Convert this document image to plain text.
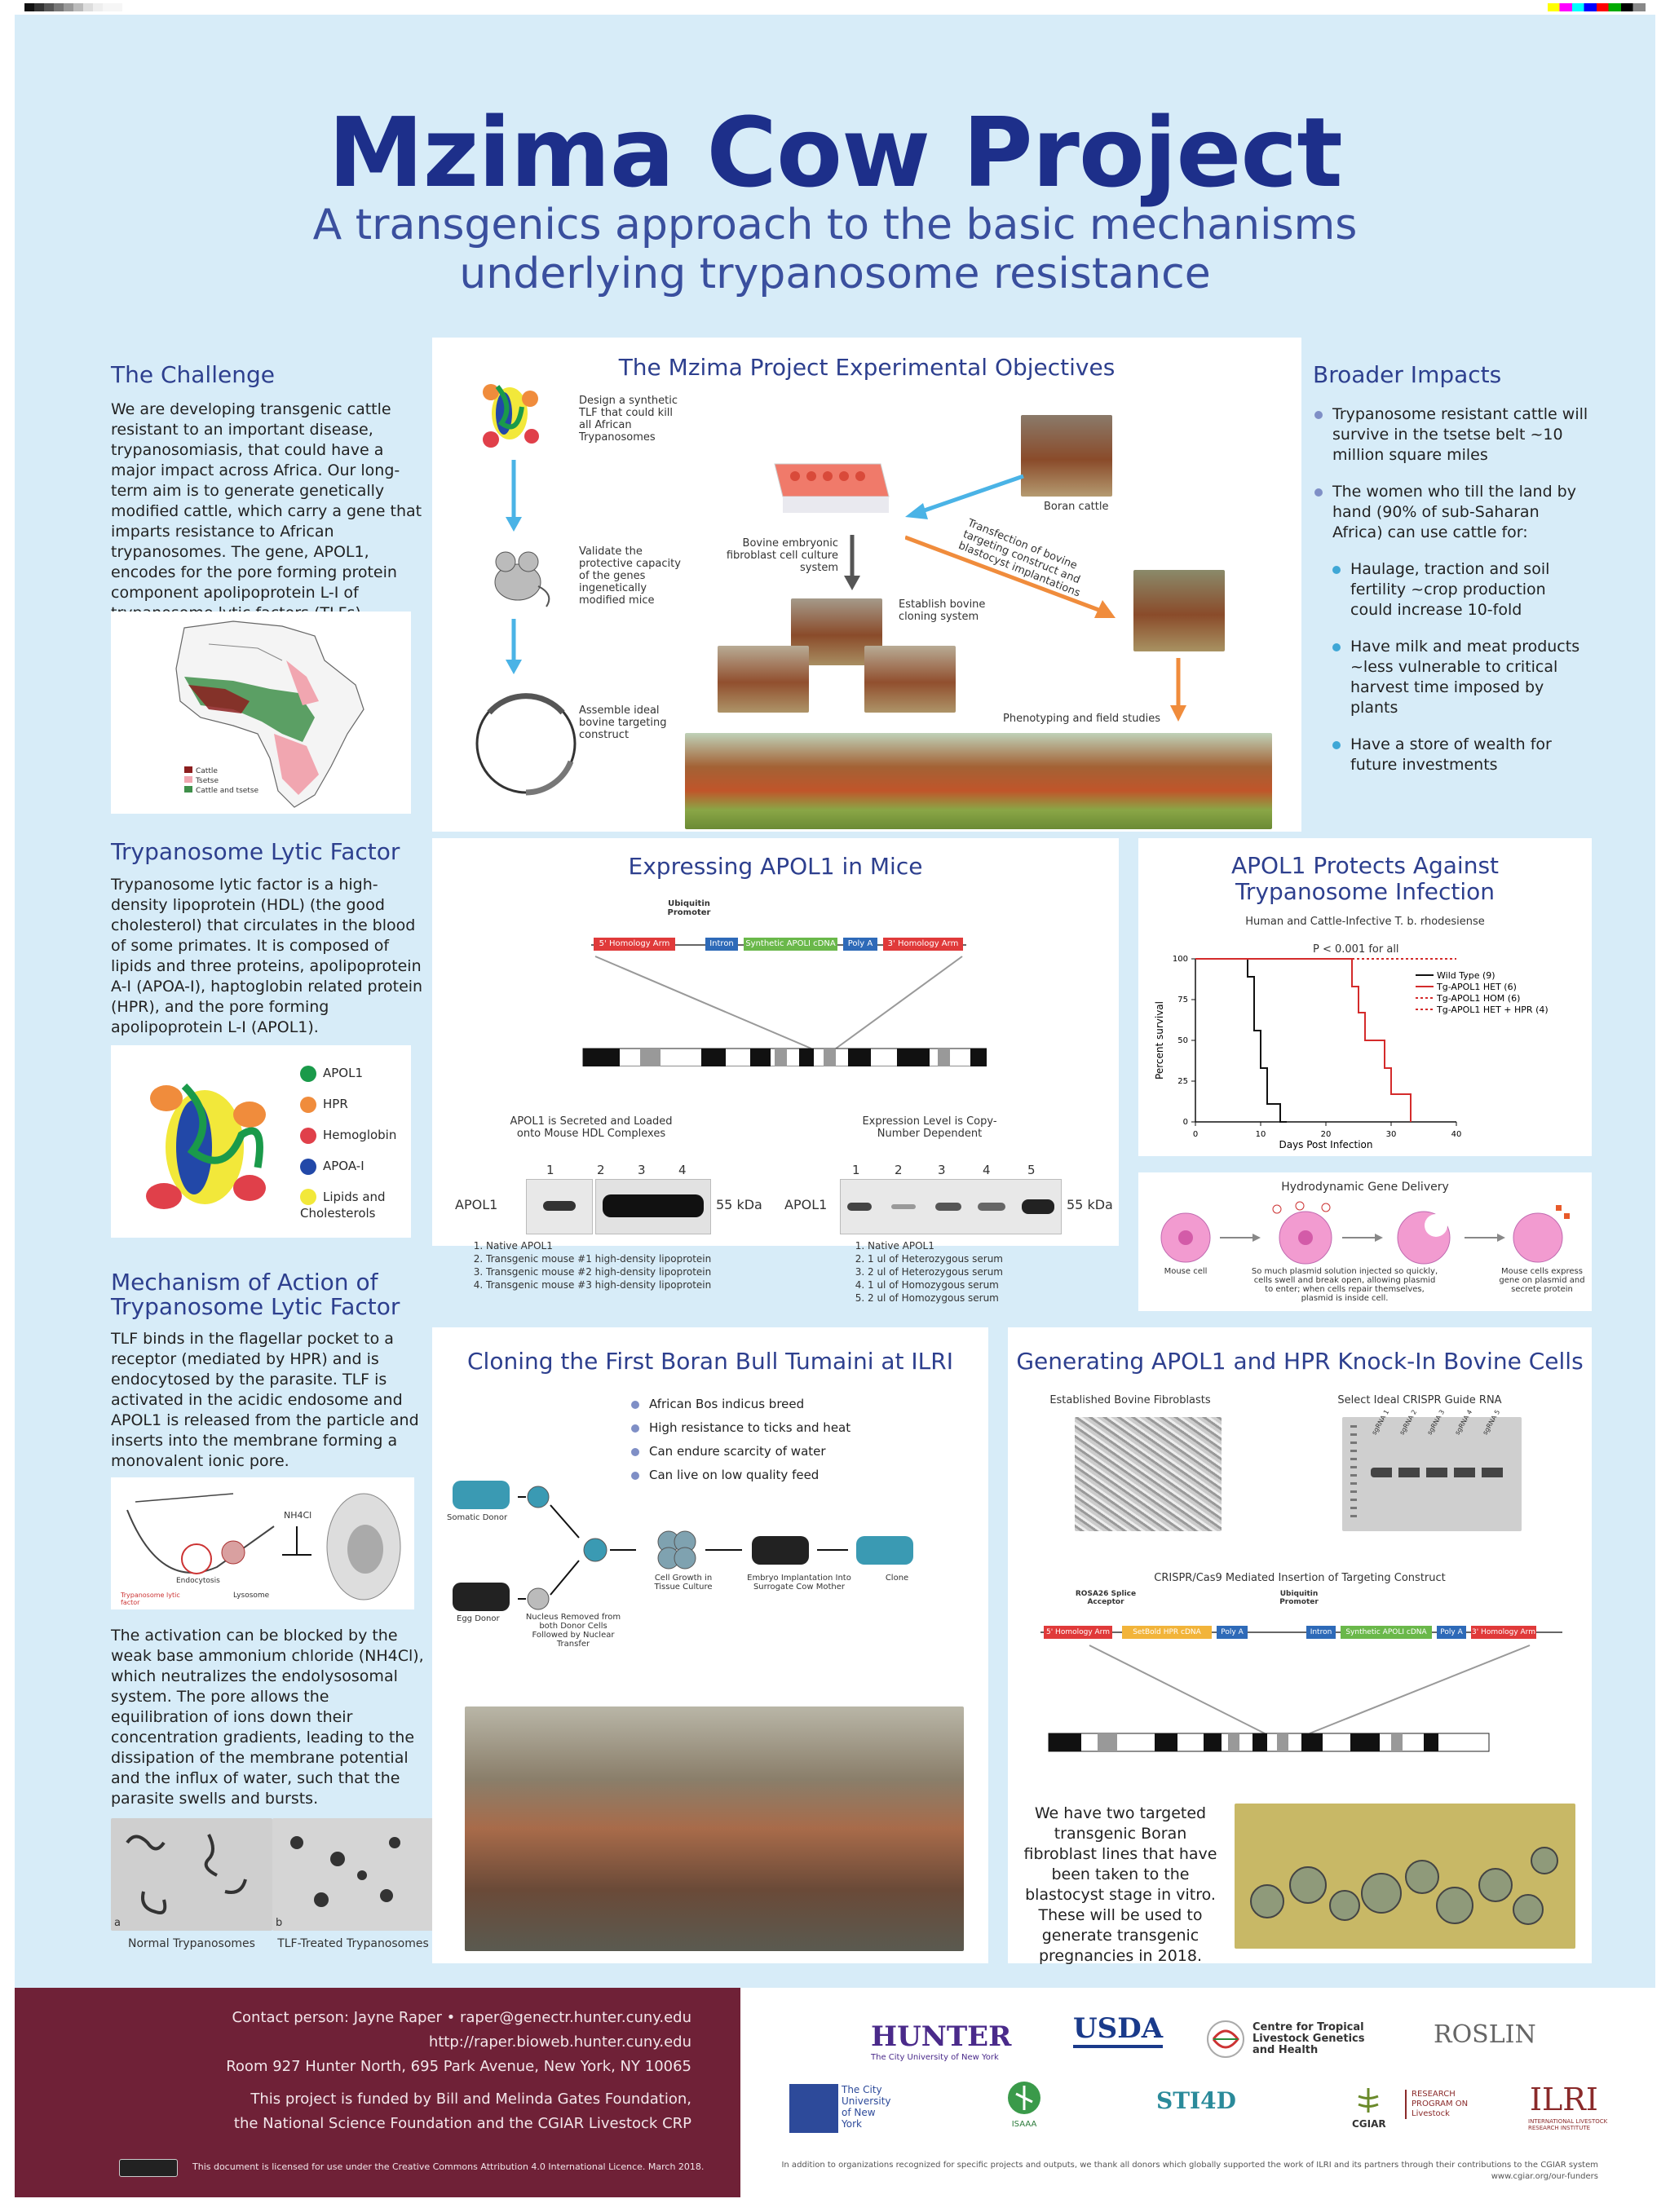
Mzima Cow Project
A transgenics approach to the basic mechanisms
underlying trypanosome resistance
The Challenge

We are developing transgenic cattle resistant to an important disease, trypanosomiasis, that could have a major impact across Africa. Our long-term aim is to generate genetically modified cattle, which carry a gene that imparts resistance to African trypanosomes. The gene, APOL1, encodes for the pore forming protein component apolipoprotein L-I of

Cattle
Tsetse
Cattle and tsetse
The Mzima Project Experimental Objectives
Design a synthetic TLF that could kill all African Trypanosomes
Validate the protective capacity of the genes ingenetically modified mice
Assemble ideal bovine targeting construct
Bovine embryonic fibroblast cell culture system
Boran cattle
Transfection of bovine targeting construct and blastocyst implantations
Establish bovine cloning system
Phenotyping and field studies
Broader Impacts
Trypanosome resistant cattle will survive in the tsetse belt ~10 million square miles
The women who till the land by hand (90% of sub-Saharan Africa) can use cattle for:
Haulage, traction and soil fertility ~crop production could increase 10-fold
Have milk and meat products ~less vulnerable to critical harvest time imposed by plants
Have a store of wealth for future investments
Trypanosome Lytic Factor

Trypanosome lytic factor is a high-density lipoprotein (HDL) (the good cholesterol) that circulates in the blood of some primates. It is composed of lipids and three proteins, apolipoprotein A-I (APOA-I), haptoglobin related protein (HPR), and the pore forming apolipoprotein L-I (APOL1).

APOL1
HPR
Hemoglobin
APOA-I
Lipids and Cholesterols
Expressing APOL1 in Mice
Ubiquitin Promoter
5' Homology Arm	Intron	Synthetic APOLI cDNA	Poly A	3' Homology Arm
APOL1 is Secreted and Loaded onto Mouse HDL Complexes
Expression Level is Copy-Number Dependent
1	2	3	4
APOL1	55 kDa
1	2	3	4	5
APOL1	55 kDa
1. Native APOL1
2. Transgenic mouse #1 high-density lipoprotein
3. Transgenic mouse #2 high-density lipoprotein
4. Transgenic mouse #3 high-density lipoprotein
1. Native APOL1
2. 1 ul of Heterozygous serum
3. 2 ul of Heterozygous serum
4. 1 ul of Homozygous serum
5. 2 ul of Homozygous serum
APOL1 Protects Against
Trypanosome Infection
Human and Cattle-Infective T. b. rhodesiense
P < 0.001 for all
0	10	20	30	40
0
25
50
75
100
Days Post Infection
Percent survival
Wild Type (9)
Tg-APOL1 HET (6)
Tg-APOL1 HOM (6)
Tg-APOL1 HET + HPR (4)
Hydrodynamic Gene Delivery
Mouse cell	So much plasmid solution injected so quickly, cells swell and break open, allowing plasmid to enter; when cells repair themselves, plasmid is inside cell.
Mouse cells express gene on plasmid and secrete protein
Mechanism of Action of
Trypanosome Lytic Factor

TLF binds in the flagellar pocket to a receptor (mediated by HPR) and is endocytosed by the parasite. TLF is activated in the acidic endosome and APOL1 is released from the particle and inserts into the membrane forming a monovalent ionic pore.

NH4Cl
Endocytosis
Lysosome
Trypanosome lytic factor

The activation can be blocked by the weak base ammonium chloride (NH4Cl), which neutralizes the endolysosomal system. The pore allows the equilibration of ions down their concentration gradients, leading to the dissipation of the membrane potential and the influx of water, such that the parasite swells and bursts.

a	b
Normal Trypanosomes	TLF-Treated Trypanosomes
Cloning the First Boran Bull Tumaini at ILRI
African Bos indicus breed
High resistance to ticks and heat
Can endure scarcity of water
Can live on low quality feed
Somatic Donor
Egg Donor	Nucleus Removed from both Donor Cells Followed by Nuclear Transfer
Cell Growth in Tissue Culture
Embryo Implantation Into Surrogate Cow Mother
Clone
Generating APOL1 and HPR Knock-In Bovine Cells
Established Bovine Fibroblasts	Select Ideal CRISPR Guide RNA
sgRNA 1 sgRNA 2 sgRNA 3 sgRNA 4 sgRNA 5
CRISPR/Cas9 Mediated Insertion of Targeting Construct
ROSA26 Splice Acceptor
Ubiquitin Promoter
5' Homology Arm	SetBold HPR cDNA	Poly A	Intron	Synthetic APOLI cDNA	Poly A	3' Homology Arm
We have two targeted transgenic Boran fibroblast lines that have been taken to the blastocyst stage in vitro. These will be used to generate transgenic pregnancies in 2018.
Contact person: Jayne Raper • raper@genectr.hunter.cuny.edu
http://raper.bioweb.hunter.cuny.edu
Room 927 Hunter North, 695 Park Avenue, New York, NY 10065
This project is funded by Bill and Melinda Gates Foundation,
the National Science Foundation and the CGIAR Livestock CRP
This document is licensed for use under the Creative Commons Attribution 4.0 International Licence. March 2018.
HUNTER
The City University of New York
USDA	Centre for Tropical Livestock Genetics and Health
ROSLIN
The City University of New York	ISAAA
STI4D
CGIAR
RESEARCH PROGRAM ON Livestock	ILRI
INTERNATIONAL LIVESTOCK RESEARCH INSTITUTE
In addition to organizations recognized for specific projects and outputs, we thank all donors which globally supported the work of ILRI and its partners through their contributions to the CGIAR system
www.cgiar.org/our-funders
